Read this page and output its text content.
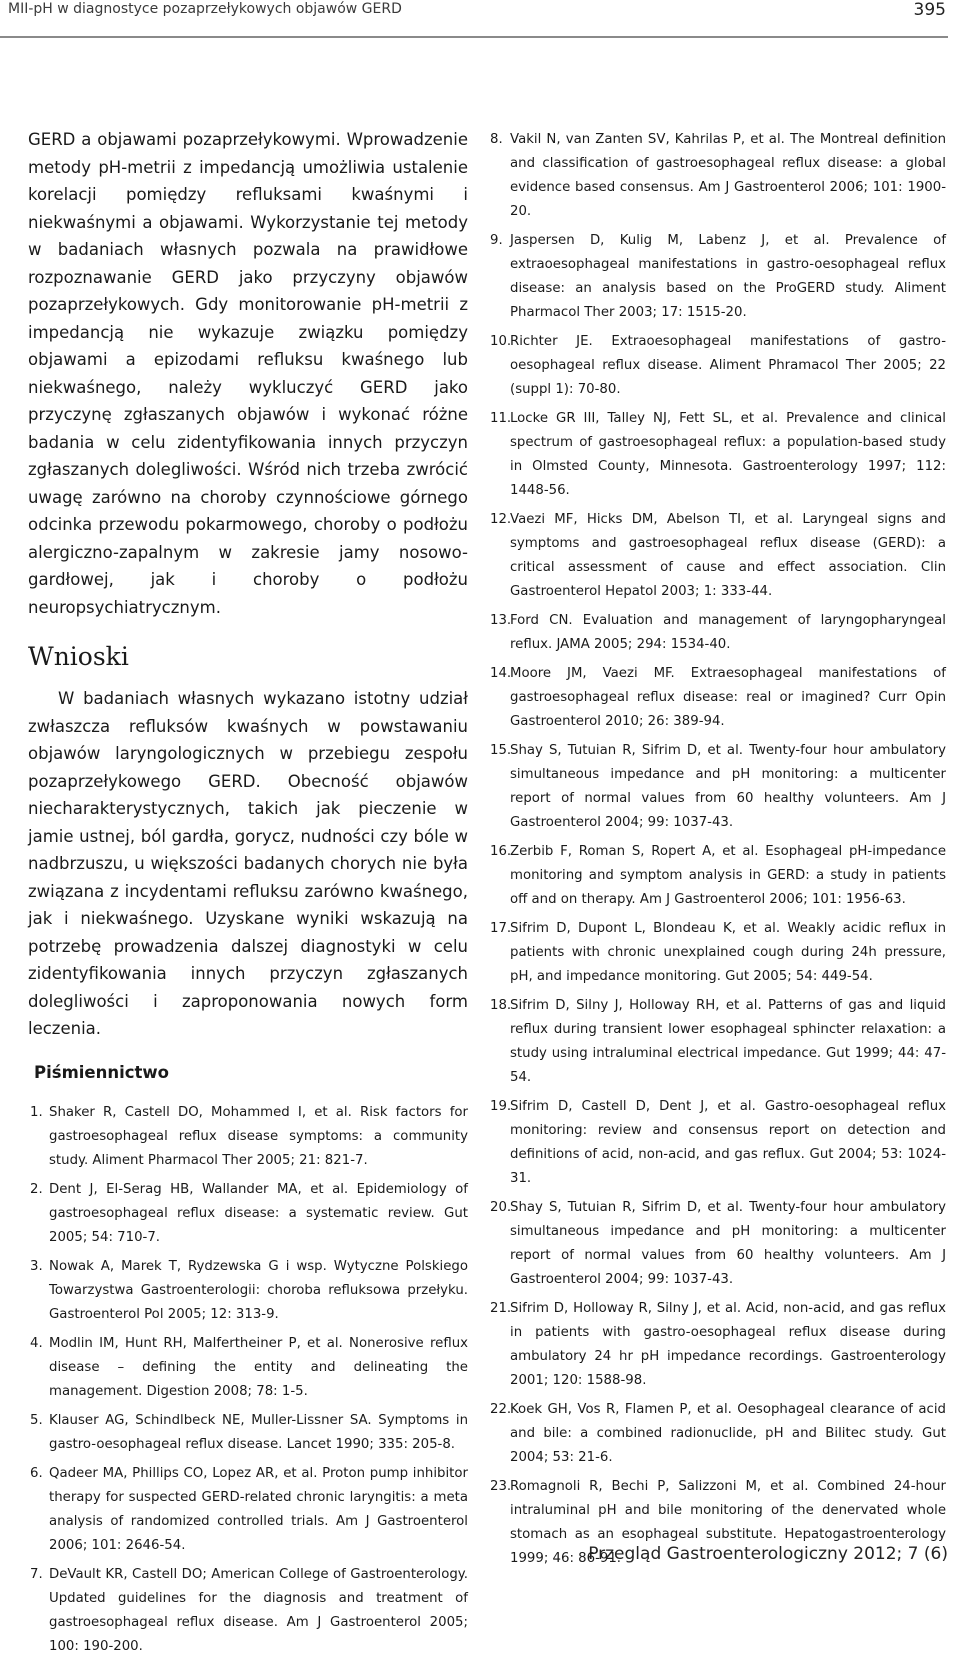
MII-pH w diagnostyce pozaprzełykowych objawów GERD	395

GERD a objawami pozaprzełykowymi. Wprowadzenie metody pH-metrii z impedancją umożliwia ustalenie korelacji pomiędzy refluksami kwaśnymi i niekwaśnymi a objawami. Wykorzystanie tej metody w badaniach własnych pozwala na prawidłowe rozpoznawanie GERD jako przyczyny objawów pozaprzełykowych. Gdy monitorowanie pH-metrii z impedancją nie wykazuje związku pomiędzy objawami a epizodami refluksu kwaśnego lub niekwaśnego, należy wykluczyć GERD jako przyczynę zgłaszanych objawów i wykonać różne badania w celu zidentyfikowania innych przyczyn zgłaszanych dolegliwości. Wśród nich trzeba zwrócić uwagę zarówno na choroby czynnościowe górnego odcinka przewodu pokarmowego, choroby o podłożu alergiczno-zapalnym w zakresie jamy nosowo-gardłowej, jak i choroby o podłożu neuropsychiatrycznym.

Wnioski

W badaniach własnych wykazano istotny udział zwłaszcza refluksów kwaśnych w powstawaniu objawów laryngologicznych w przebiegu zespołu pozaprzełykowego GERD. Obecność objawów niecharakterystycznych, takich jak pieczenie w jamie ustnej, ból gardła, gorycz, nudności czy bóle w nadbrzuszu, u większości badanych chorych nie była związana z incydentami refluksu zarówno kwaśnego, jak i niekwaśnego. Uzyskane wyniki wskazują na potrzebę prowadzenia dalszej diagnostyki w celu zidentyfikowania innych przyczyn zgłaszanych dolegliwości i zaproponowania nowych form leczenia.

Piśmiennictwo
1. Shaker R, Castell DO, Mohammed I, et al. Risk factors for gastroesophageal reflux disease symptoms: a community study. Aliment Pharmacol Ther 2005; 21: 821-7.
2. Dent J, El-Serag HB, Wallander MA, et al. Epidemiology of gastroesophageal reflux disease: a systematic review. Gut 2005; 54: 710-7.
3. Nowak A, Marek T, Rydzewska G i wsp. Wytyczne Polskiego Towarzystwa Gastroenterologii: choroba refluksowa przełyku. Gastroenterol Pol 2005; 12: 313-9.
4. Modlin IM, Hunt RH, Malfertheiner P, et al. Nonerosive reflux disease – defining the entity and delineating the management. Digestion 2008; 78: 1-5.
5. Klauser AG, Schindlbeck NE, Muller-Lissner SA. Symptoms in gastro-oesophageal reflux disease. Lancet 1990; 335: 205-8.
6. Qadeer MA, Phillips CO, Lopez AR, et al. Proton pump inhibitor therapy for suspected GERD-related chronic laryngitis: a meta analysis of randomized controlled trials. Am J Gastroenterol 2006; 101: 2646-54.
7. DeVault KR, Castell DO; American College of Gastroenterology. Updated guidelines for the diagnosis and treatment of gastroesophageal reflux disease. Am J Gastroenterol 2005; 100: 190-200.
8. Vakil N, van Zanten SV, Kahrilas P, et al. The Montreal definition and classification of gastroesophageal reflux disease: a global evidence based consensus. Am J Gastroenterol 2006; 101: 1900-20.
9. Jaspersen D, Kulig M, Labenz J, et al. Prevalence of extraoesophageal manifestations in gastro-oesophageal reflux disease: an analysis based on the ProGERD study. Aliment Pharmacol Ther 2003; 17: 1515-20.
10.
Richter JE. Extraoesophageal manifestations of gastro-oesophageal reflux disease. Aliment Phramacol Ther 2005; 22 (suppl 1): 70-80.
11.
Locke GR III, Talley NJ, Fett SL, et al. Prevalence and clinical spectrum of gastroesophageal reflux: a population-based study in Olmsted County, Minnesota. Gastroenterology 1997; 112: 1448-56.
12.
Vaezi MF, Hicks DM, Abelson TI, et al. Laryngeal signs and symptoms and gastroesophageal reflux disease (GERD): a critical assessment of cause and effect association. Clin Gastroenterol Hepatol 2003; 1: 333-44.
13.
Ford CN. Evaluation and management of laryngopharyngeal reflux. JAMA 2005; 294: 1534-40.
14.
Moore JM, Vaezi MF. Extraesophageal manifestations of gastroesophageal reflux disease: real or imagined? Curr Opin Gastroenterol 2010; 26: 389-94.
15.
Shay S, Tutuian R, Sifrim D, et al. Twenty-four hour ambulatory simultaneous impedance and pH monitoring: a multicenter report of normal values from 60 healthy volunteers. Am J Gastroenterol 2004; 99: 1037-43.
16.
Zerbib F, Roman S, Ropert A, et al. Esophageal pH-impedance monitoring and symptom analysis in GERD: a study in patients off and on therapy. Am J Gastroenterol 2006; 101: 1956-63.
17.
Sifrim D, Dupont L, Blondeau K, et al. Weakly acidic reflux in patients with chronic unexplained cough during 24h pressure, pH, and impedance monitoring. Gut 2005; 54: 449-54.
18.
Sifrim D, Silny J, Holloway RH, et al. Patterns of gas and liquid reflux during transient lower esophageal sphincter relaxation: a study using intraluminal electrical impedance. Gut 1999; 44: 47-54.
19.
Sifrim D, Castell D, Dent J, et al. Gastro-oesophageal reflux monitoring: review and consensus report on detection and definitions of acid, non-acid, and gas reflux. Gut 2004; 53: 1024-31.
20.
Shay S, Tutuian R, Sifrim D, et al. Twenty-four hour ambulatory simultaneous impedance and pH monitoring: a multicenter report of normal values from 60 healthy volunteers. Am J Gastroenterol 2004; 99: 1037-43.
21.
Sifrim D, Holloway R, Silny J, et al. Acid, non-acid, and gas reflux in patients with gastro-oesophageal reflux disease during ambulatory 24 hr pH impedance recordings. Gastroenterology 2001; 120: 1588-98.
22.
Koek GH, Vos R, Flamen P, et al. Oesophageal clearance of acid and bile: a combined radionuclide, pH and Bilitec study. Gut 2004; 53: 21-6.
23.
Romagnoli R, Bechi P, Salizzoni M, et al. Combined 24-hour intraluminal pH and bile monitoring of the denervated whole stomach as an esophageal substitute. Hepatogastroenterology 1999; 46: 86-91.
Przegląd Gastroenterologiczny 2012; 7 (6)
